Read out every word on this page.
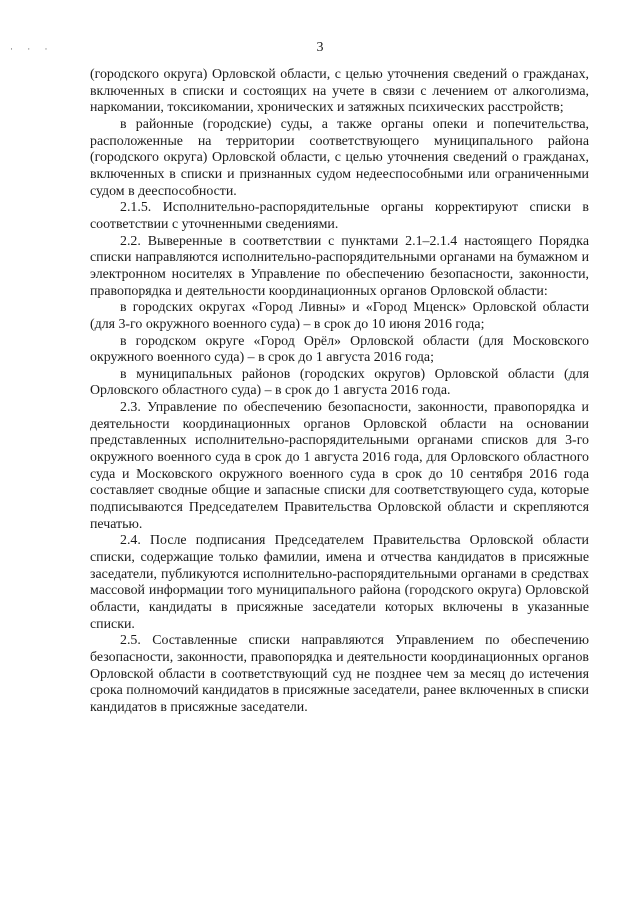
· · ·	3

(городского округа) Орловской области, с целью уточнения сведений о гражданах, включенных в списки и состоящих на учете в связи с лечением от алкоголизма, наркомании, токсикомании, хронических и затяжных психических расстройств;

в районные (городские) суды, а также органы опеки и попечительства, расположенные на территории соответствующего муниципального района (городского округа) Орловской области, с целью уточнения сведений о гражданах, включенных в списки и признанных судом недееспособными или ограниченными судом в дееспособности.

2.1.5. Исполнительно-распорядительные органы корректируют списки в соответствии с уточненными сведениями.

2.2. Выверенные в соответствии с пунктами 2.1–2.1.4 настоящего Порядка списки направляются исполнительно-распорядительными органами на бумажном и электронном носителях в Управление по обеспечению безопасности, законности, правопорядка и деятельности координационных органов Орловской области:

в городских округах «Город Ливны» и «Город Мценск» Орловской области (для 3-го окружного военного суда) – в срок до 10 июня 2016 года;

в городском округе «Город Орёл» Орловской области (для Московского окружного военного суда) – в срок до 1 августа 2016 года;

в муниципальных районов (городских округов) Орловской области (для Орловского областного суда) – в срок до 1 августа 2016 года.

2.3. Управление по обеспечению безопасности, законности, правопорядка и деятельности координационных органов Орловской области на основании представленных исполнительно-распорядительными органами списков для 3-го окружного военного суда в срок до 1 августа 2016 года, для Орловского областного суда и Московского окружного военного суда в срок до 10 сентября 2016 года составляет сводные общие и запасные списки для соответствующего суда, которые подписываются Председателем Правительства Орловской области и скрепляются печатью.

2.4. После подписания Председателем Правительства Орловской области списки, содержащие только фамилии, имена и отчества кандидатов в присяжные заседатели, публикуются исполнительно-распорядительными органами в средствах массовой информации того муниципального района (городского округа) Орловской области, кандидаты в присяжные заседатели которых включены в указанные списки.

2.5. Составленные списки направляются Управлением по обеспечению безопасности, законности, правопорядка и деятельности координационных органов Орловской области в соответствующий суд не позднее чем за месяц до истечения срока полномочий кандидатов в присяжные заседатели, ранее включенных в списки кандидатов в присяжные заседатели.
